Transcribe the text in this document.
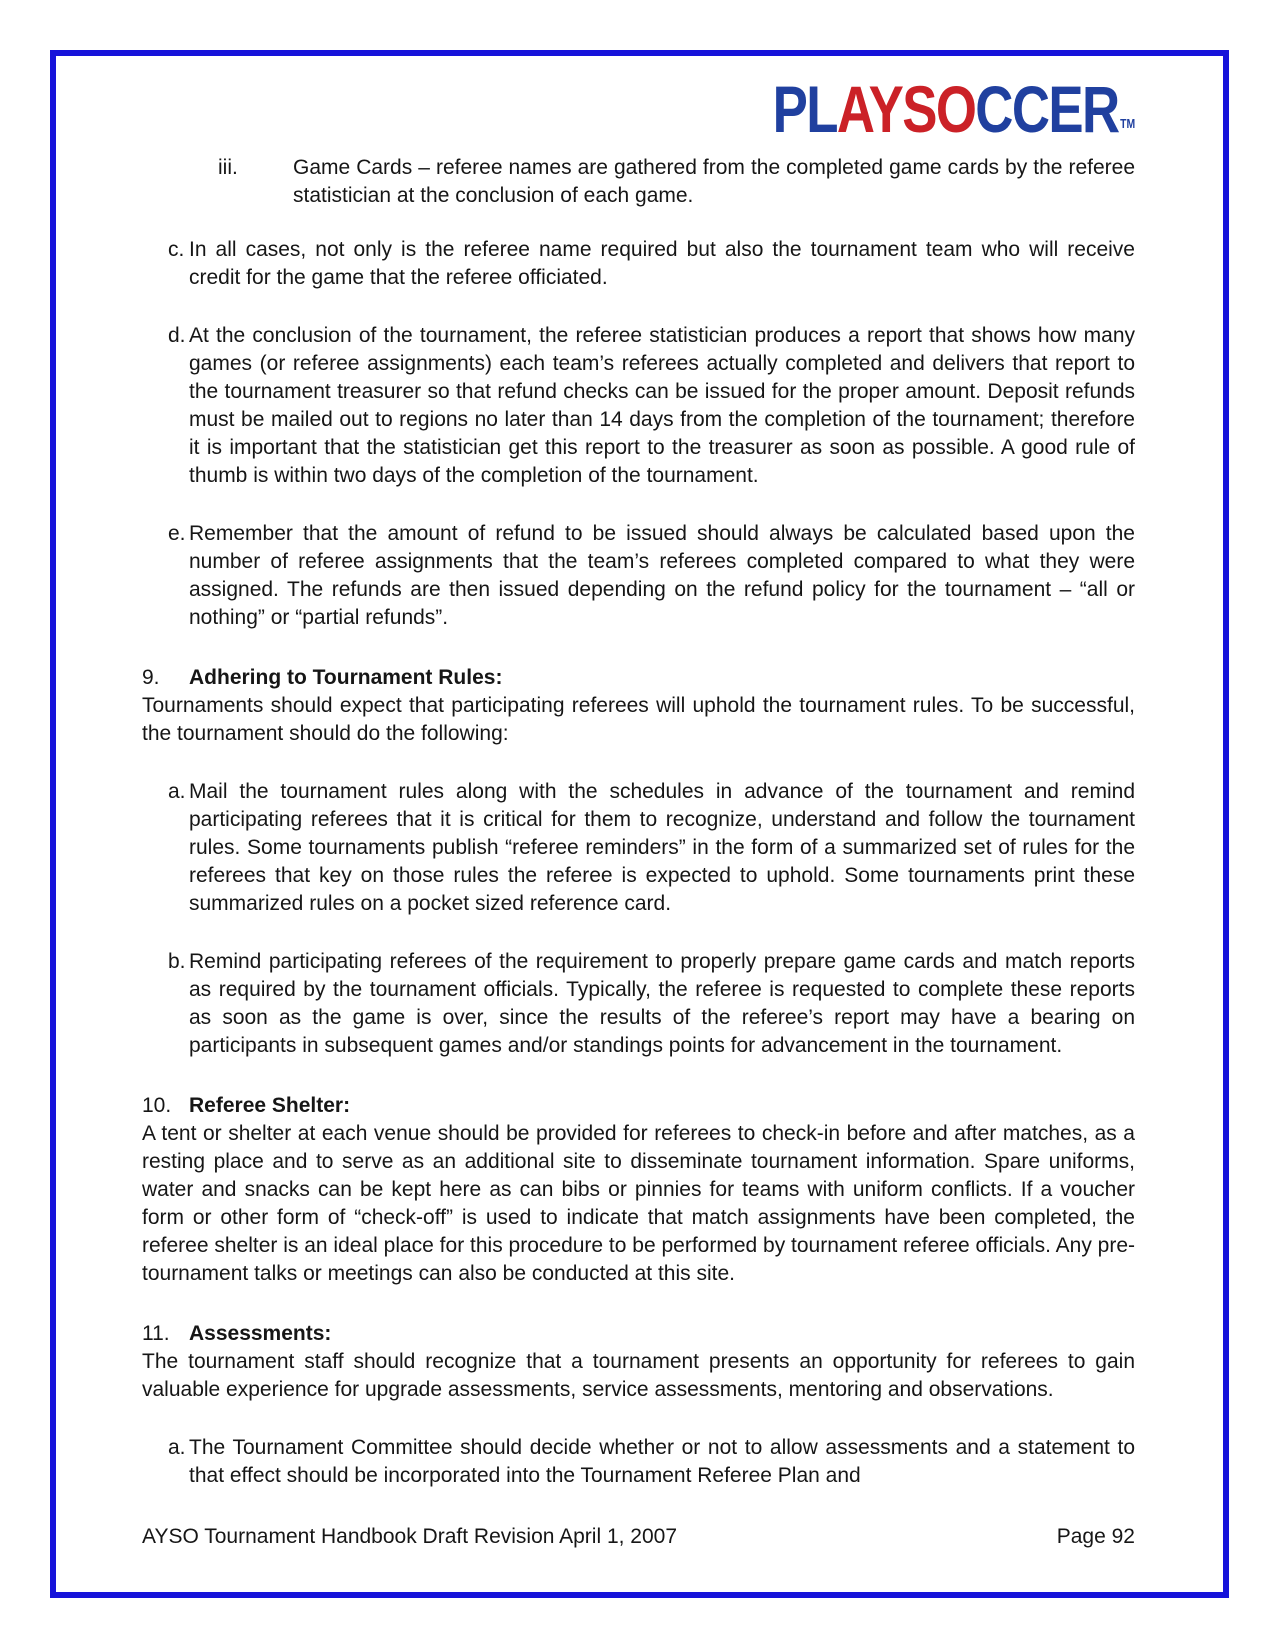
PLAYSOCCER TM
iii.	Game Cards – referee names are gathered from the completed game cards by the referee statistician at the conclusion of each game.
c. In all cases, not only is the referee name required but also the tournament team who will receive credit for the game that the referee officiated.
d. At the conclusion of the tournament, the referee statistician produces a report that shows how many games (or referee assignments) each team’s referees actually completed and delivers that report to the tournament treasurer so that refund checks can be issued for the proper amount. Deposit refunds must be mailed out to regions no later than 14 days from the completion of the tournament; therefore it is important that the statistician get this report to the treasurer as soon as possible. A good rule of thumb is within two days of the completion of the tournament.
e. Remember that the amount of refund to be issued should always be calculated based upon the number of referee assignments that the team’s referees completed compared to what they were assigned. The refunds are then issued depending on the refund policy for the tournament – “all or nothing” or “partial refunds”.
9.	Adhering to Tournament Rules:
Tournaments should expect that participating referees will uphold the tournament rules. To be successful, the tournament should do the following:
a. Mail the tournament rules along with the schedules in advance of the tournament and remind participating referees that it is critical for them to recognize, understand and follow the tournament rules. Some tournaments publish “referee reminders” in the form of a summarized set of rules for the referees that key on those rules the referee is expected to uphold. Some tournaments print these summarized rules on a pocket sized reference card.
b. Remind participating referees of the requirement to properly prepare game cards and match reports as required by the tournament officials. Typically, the referee is requested to complete these reports as soon as the game is over, since the results of the referee’s report may have a bearing on participants in subsequent games and/or standings points for advancement in the tournament.
10. Referee Shelter:
A tent or shelter at each venue should be provided for referees to check-in before and after matches, as a resting place and to serve as an additional site to disseminate tournament information. Spare uniforms, water and snacks can be kept here as can bibs or pinnies for teams with uniform conflicts. If a voucher form or other form of “check-off” is used to indicate that match assignments have been completed, the referee shelter is an ideal place for this procedure to be performed by tournament referee officials. Any pre-tournament talks or meetings can also be conducted at this site.
11. Assessments:
The tournament staff should recognize that a tournament presents an opportunity for referees to gain valuable experience for upgrade assessments, service assessments, mentoring and observations.
a. The Tournament Committee should decide whether or not to allow assessments and a statement to that effect should be incorporated into the Tournament Referee Plan and
AYSO Tournament Handbook Draft Revision April 1, 2007	Page 92
